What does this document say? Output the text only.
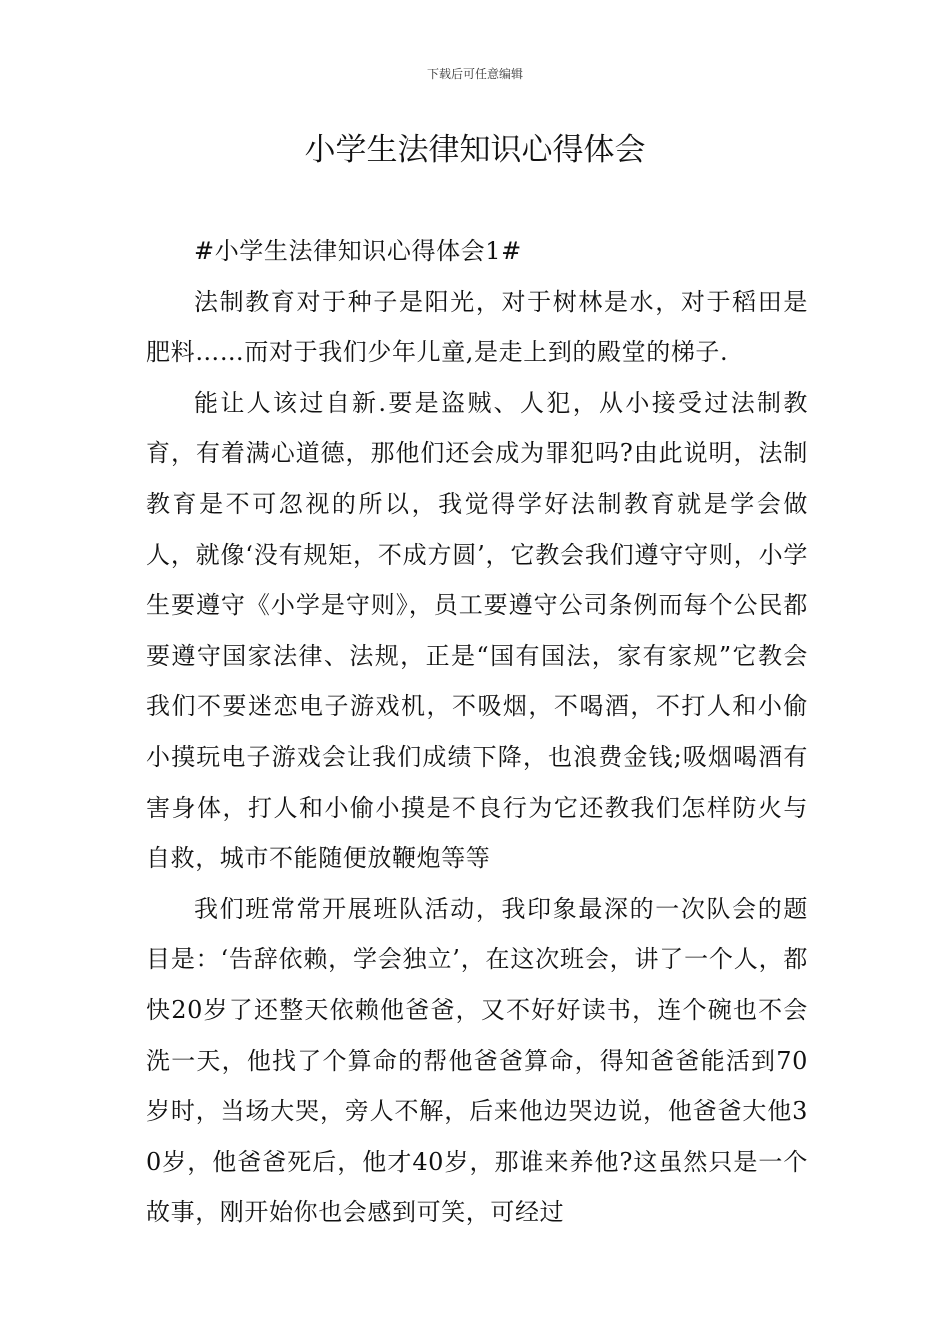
下载后可任意编辑
小学生法律知识心得体会

#小学生法律知识心得体会1#

法制教育对于种子是阳光，对于树林是水，对于稻田是肥料……而对于我们少年儿童,是走上到的殿堂的梯子.

能让人该过自新.要是盗贼、人犯，从小接受过法制教育，有着满心道德，那他们还会成为罪犯吗?由此说明，法制教育是不可忽视的所以，我觉得学好法制教育就是学会做人，就像‘没有规矩，不成方圆’，它教会我们遵守守则，小学生要遵守《小学是守则》，员工要遵守公司条例而每个公民都要遵守国家法律、法规，正是“国有国法，家有家规”它教会我们不要迷恋电子游戏机，不吸烟，不喝酒，不打人和小偷小摸玩电子游戏会让我们成绩下降，也浪费金钱;吸烟喝酒有害身体，打人和小偷小摸是不良行为它还教我们怎样防火与自救，城市不能随便放鞭炮等等

我们班常常开展班队活动，我印象最深的一次队会的题目是：‘告辞依赖，学会独立’，在这次班会，讲了一个人，都快20岁了还整天依赖他爸爸，又不好好读书，连个碗也不会洗一天，他找了个算命的帮他爸爸算命，得知爸爸能活到70岁时，当场大哭，旁人不解，后来他边哭边说，他爸爸大他30岁，他爸爸死后，他才40岁，那谁来养他?这虽然只是一个故事，刚开始你也会感到可笑，可经过
